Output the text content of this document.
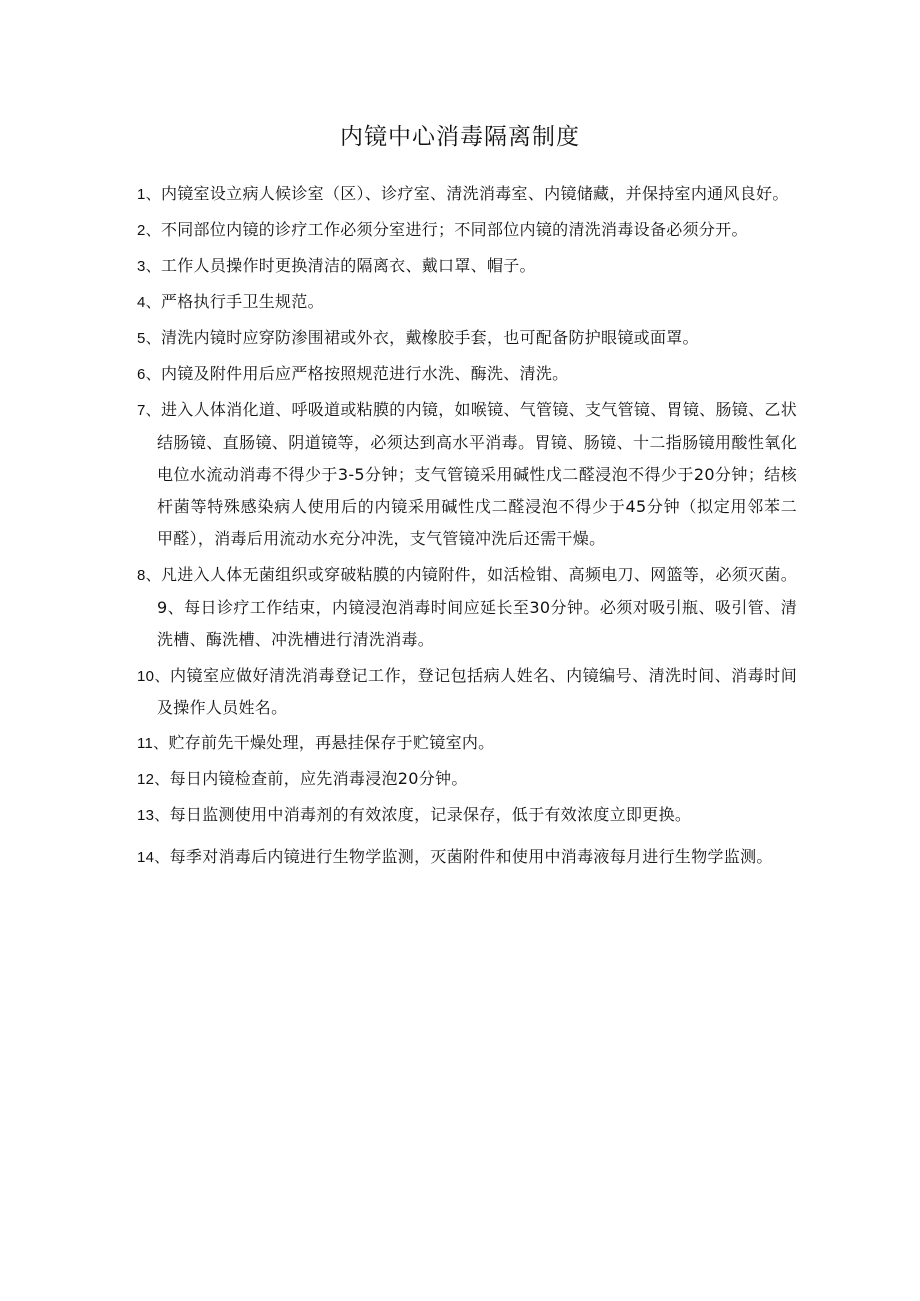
内镜中心消毒隔离制度
1、内镜室设立病人候诊室（区）、诊疗室、清洗消毒室、内镜储藏，并保持室内通风良好。
2、不同部位内镜的诊疗工作必须分室进行；不同部位内镜的清洗消毒设备必须分开。
3、工作人员操作时更换清洁的隔离衣、戴口罩、帽子。
4、严格执行手卫生规范。
5、清洗内镜时应穿防渗围裙或外衣，戴橡胶手套，也可配备防护眼镜或面罩。
6、内镜及附件用后应严格按照规范进行水洗、酶洗、清洗。
7、进入人体消化道、呼吸道或粘膜的内镜，如喉镜、气管镜、支气管镜、胃镜、肠镜、乙状结肠镜、直肠镜、阴道镜等，必须达到高水平消毒。胃镜、肠镜、十二指肠镜用酸性氧化电位水流动消毒不得少于3-5分钟；支气管镜采用碱性戊二醛浸泡不得少于20分钟；结核杆菌等特殊感染病人使用后的内镜采用碱性戊二醛浸泡不得少于45分钟（拟定用邻苯二甲醛），消毒后用流动水充分冲洗，支气管镜冲洗后还需干燥。
8、凡进入人体无菌组织或穿破粘膜的内镜附件，如活检钳、高频电刀、网篮等，必须灭菌。9、每日诊疗工作结束，内镜浸泡消毒时间应延长至30分钟。必须对吸引瓶、吸引管、清洗槽、酶洗槽、冲洗槽进行清洗消毒。
10、内镜室应做好清洗消毒登记工作，登记包括病人姓名、内镜编号、清洗时间、消毒时间及操作人员姓名。
11、贮存前先干燥处理，再悬挂保存于贮镜室内。
12、每日内镜检查前，应先消毒浸泡20分钟。
13、每日监测使用中消毒剂的有效浓度，记录保存，低于有效浓度立即更换。
14、每季对消毒后内镜进行生物学监测，灭菌附件和使用中消毒液每月进行生物学监测。
